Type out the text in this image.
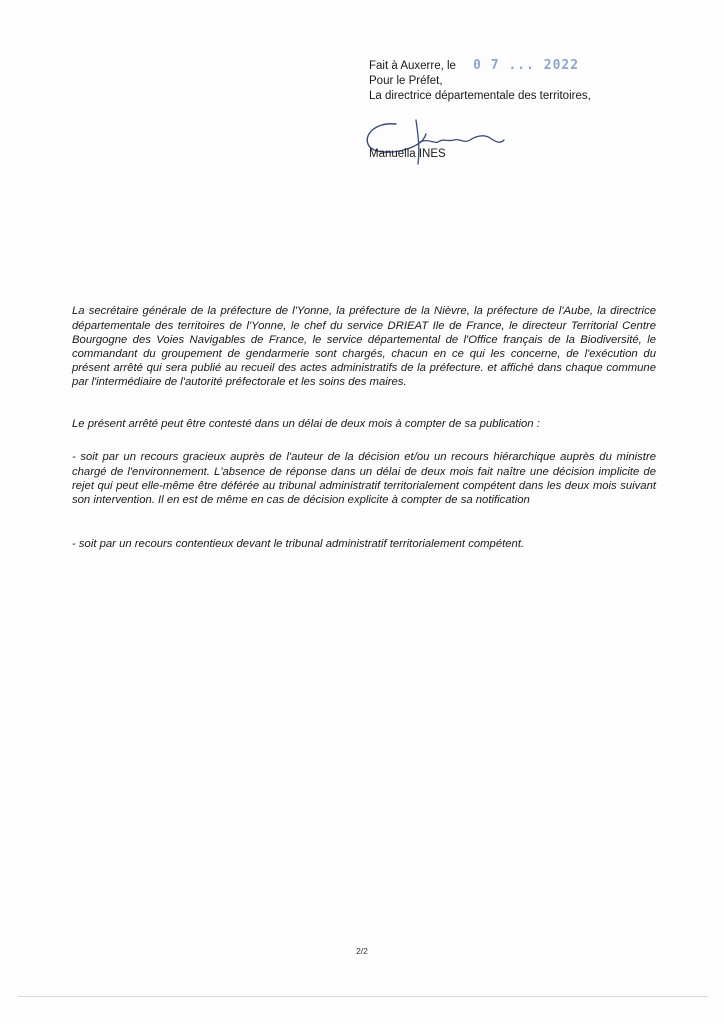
Fait à Auxerre, le 0 7 ... 2022
Pour le Préfet,
La directrice départementale des territoires,
Manuella INES

La secrétaire générale de la préfecture de l'Yonne, la préfecture de la Nièvre, la préfecture de l'Aube, la directrice départementale des territoires de l'Yonne, le chef du service DRIEAT Ile de France, le directeur Territorial Centre Bourgogne des Voies Navigables de France, le service départemental de l'Office français de la Biodiversité, le commandant du groupement de gendarmerie sont chargés, chacun en ce qui les concerne, de l'exécution du présent arrêté qui sera publié au recueil des actes administratifs de la préfecture. et affiché dans chaque commune par l'intermédiaire de l'autorité préfectorale et les soins des maires.

Le présent arrêté peut être contesté dans un délai de deux mois à compter de sa publication :

- soit par un recours gracieux auprès de l'auteur de la décision et/ou un recours hiérarchique auprès du ministre chargé de l'environnement. L'absence de réponse dans un délai de deux mois fait naître une décision implicite de rejet qui peut elle-même être déférée au tribunal administratif territorialement compétent dans les deux mois suivant son intervention. Il en est de même en cas de décision explicite à compter de sa notification

- soit par un recours contentieux devant le tribunal administratif territorialement compétent.

2/2
